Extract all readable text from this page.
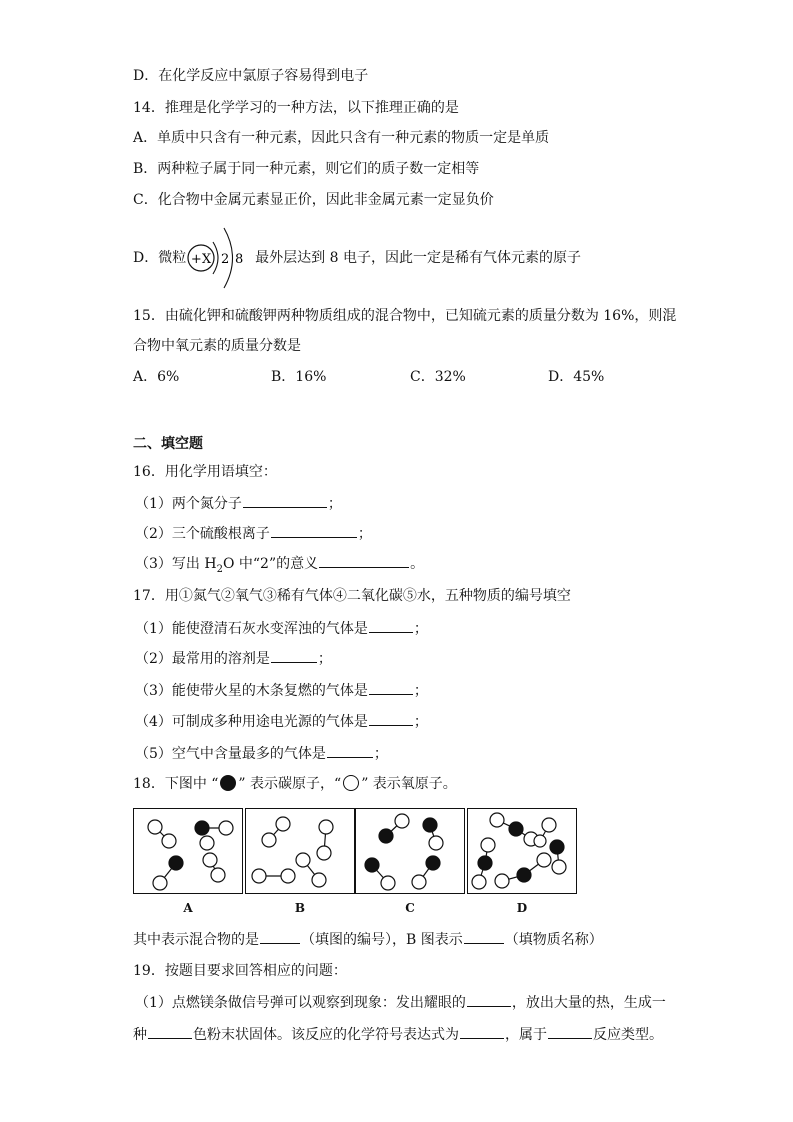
D．在化学反应中氯原子容易得到电子
14．推理是化学学习的一种方法，以下推理正确的是
A．单质中只含有一种元素，因此只含有一种元素的物质一定是单质
B．两种粒子属于同一种元素，则它们的质子数一定相等
C．化合物中金属元素显正价，因此非金属元素一定显负价
D．微粒	最外层达到 8 电子，因此一定是稀有气体元素的原子
+X 2 8
15．由硫化钾和硫酸钾两种物质组成的混合物中，已知硫元素的质量分数为 16%，则混
合物中氧元素的质量分数是
A．6%	B．16%	C．32%	D．45%
二、填空题
16．用化学用语填空：
（1）两个氮分子	；
（2）三个硫酸根离子	；
（3）写出 $H_2O$ 中“2”的意义	。
17．用①氮气②氧气③稀有气体④二氧化碳⑤水，五种物质的编号填空
（1）能使澄清石灰水变浑浊的气体是	；
（2）最常用的溶剂是	；
（3）能使带火星的木条复燃的气体是	；
（4）可制成多种用途电光源的气体是	；
（5）空气中含量最多的气体是	；
18．下图中 “ ” 表示碳原子，“ ” 表示氧原子。
A	B	C	D
其中表示混合物的是	（填图的编号），B 图表示	（填物质名称）
19．按题目要求回答相应的问题：
（1）点燃镁条做信号弹可以观察到现象：发出耀眼的	，放出大量的热，生成一
种	色粉末状固体。该反应的化学符号表达式为	，属于	反应类型。
